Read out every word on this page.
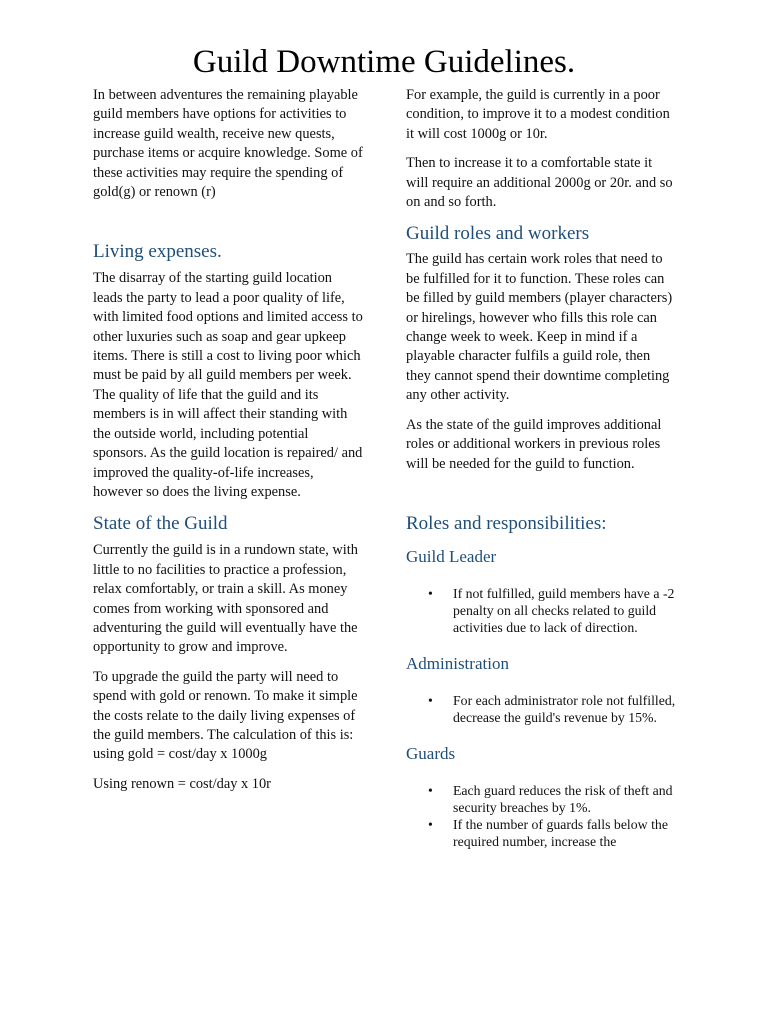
Guild Downtime Guidelines.

In between adventures the remaining playable guild members have options for activities to increase guild wealth, receive new quests, purchase items or acquire knowledge. Some of these activities may require the spending of gold(g) or renown (r)

Living expenses.

The disarray of the starting guild location leads the party to lead a poor quality of life, with limited food options and limited access to other luxuries such as soap and gear upkeep items. There is still a cost to living poor which must be paid by all guild members per week. The quality of life that the guild and its members is in will affect their standing with the outside world, including potential sponsors. As the guild location is repaired/ and improved the quality-of-life increases, however so does the living expense.

State of the Guild

Currently the guild is in a rundown state, with little to no facilities to practice a profession, relax comfortably, or train a skill. As money comes from working with sponsored and adventuring the guild will eventually have the opportunity to grow and improve.

To upgrade the guild the party will need to spend with gold or renown. To make it simple the costs relate to the daily living expenses of the guild members. The calculation of this is:

using gold = cost/day x 1000g

Using renown = cost/day x 10r

For example, the guild is currently in a poor condition, to improve it to a modest condition it will cost 1000g or 10r.

Then to increase it to a comfortable state it will require an additional 2000g or 20r. and so on and so forth.

Guild roles and workers

The guild has certain work roles that need to be fulfilled for it to function. These roles can be filled by guild members (player characters) or hirelings, however who fills this role can change week to week. Keep in mind if a playable character fulfils a guild role, then they cannot spend their downtime completing any other activity.

As the state of the guild improves additional roles or additional workers in previous roles will be needed for the guild to function.

Roles and responsibilities:
Guild Leader
• If not fulfilled, guild members have a -2 penalty on all checks related to guild activities due to lack of direction.
Administration
• For each administrator role not fulfilled, decrease the guild's revenue by 15%.
Guards
• Each guard reduces the risk of theft and security breaches by 1%.
• If the number of guards falls below the required number, increase the
